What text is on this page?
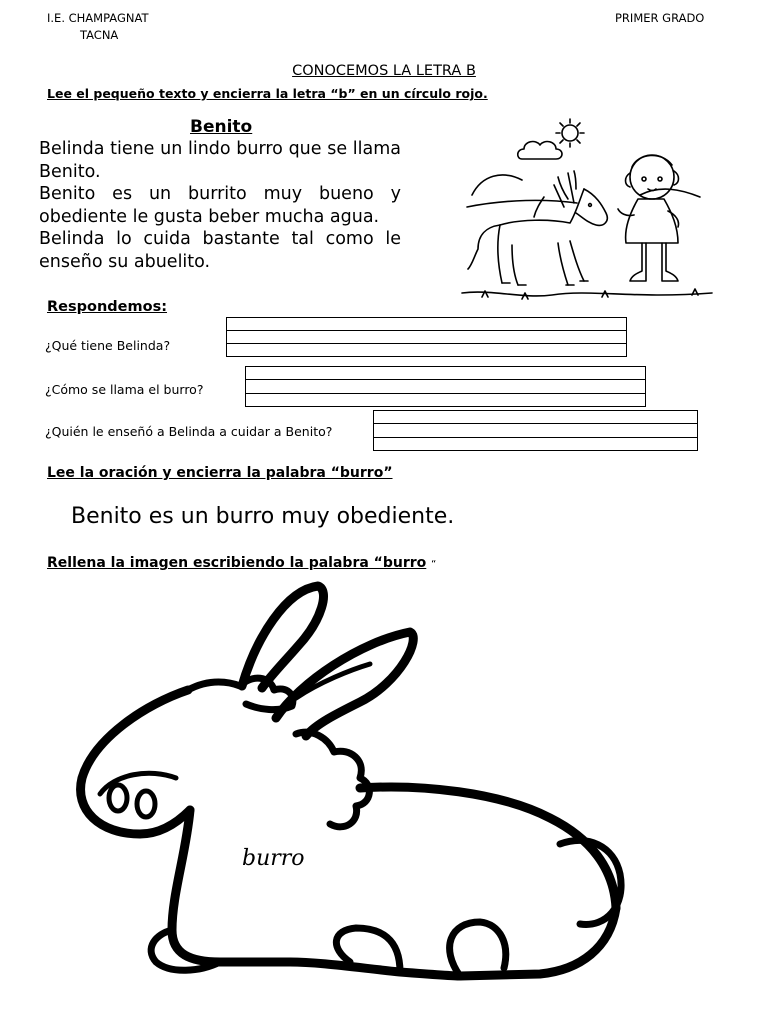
I.E. CHAMPAGNAT
TACNA
PRIMER GRADO
CONOCEMOS LA LETRA B
Lee el pequeño texto y encierra la letra “b” en un círculo rojo.
Benito

Belinda tiene un lindo burro que se llama Benito.

Benito es un burrito muy bueno y obediente le gusta beber mucha agua.

Belinda lo cuida bastante tal como le enseño su abuelito.

Respondemos:
¿Qué tiene Belinda?
¿Cómo se llama el burro?
¿Quién le enseñó a Belinda a cuidar a Benito?
Lee la oración y encierra la palabra “burro”
Benito es un burro muy obediente.
Rellena la imagen escribiendo la palabra “burro “
burro
